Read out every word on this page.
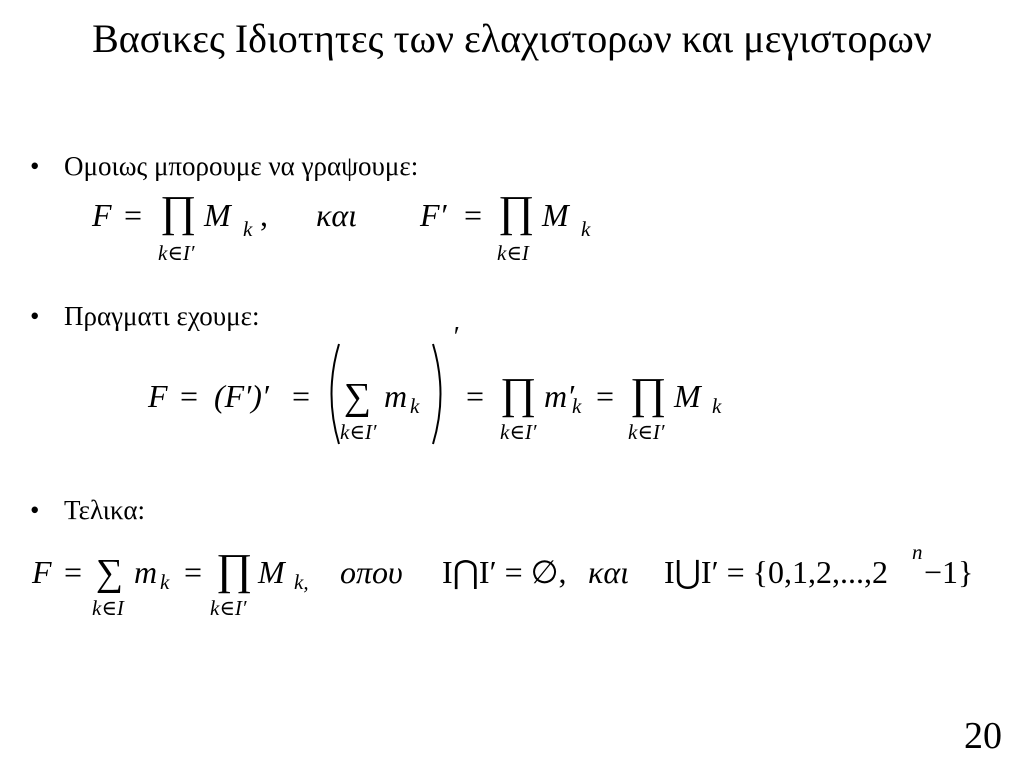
Βασικες Ιδιοτητες των ελαχιστορων και μεγιστορων
• Ομοιως μπορουμε να γραψουμε:
F = ∏ M k ,
k∈I′
και F′ = ∏ M k
k∈I
• Πραγματι εχουμε:
F = (F′)′ = ∑ m k
k∈I′
′
= ∏ m′
k
k∈I′
= ∏ M k
k∈I′
• Τελικα:
F = ∑ m k
k∈I
= ∏ M k,
k∈I′
οπου I⋂I′ = ∅, και I⋃I′ = {0,1,2,...,2
n
−1}
20
